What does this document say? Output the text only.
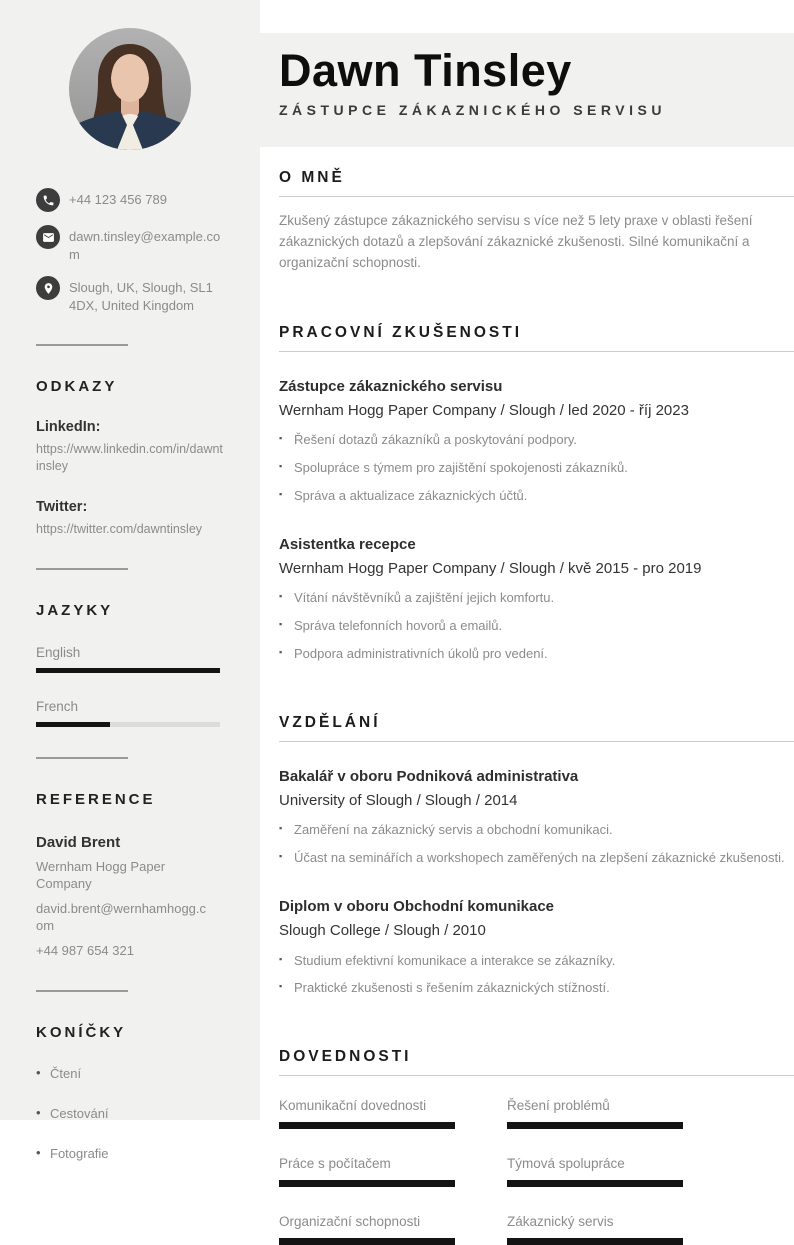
+44 123 456 789
dawn.tinsley@example.com
Slough, UK, Slough, SL1 4DX, United Kingdom
ODKAZY
LinkedIn:
https://www.linkedin.com/in/dawntinsley
Twitter:
https://twitter.com/dawntinsley
JAZYKY
English
French
REFERENCE
David Brent
Wernham Hogg Paper Company
david.brent@wernhamhogg.com
+44 987 654 321
KONÍČKY
• Čtení
• Cestování
• Fotografie
Dawn Tinsley
ZÁSTUPCE ZÁKAZNICKÉHO SERVISU
O MNĚ

Zkušený zástupce zákaznického servisu s více než 5 lety praxe v oblasti řešení zákaznických dotazů a zlepšování zákaznické zkušenosti. Silné komunikační a organizační schopnosti.

PRACOVNÍ ZKUŠENOSTI
Zástupce zákaznického servisu
Wernham Hogg Paper Company / Slough / led 2020 - říj 2023
▪ Řešení dotazů zákazníků a poskytování podpory.
▪ Spolupráce s týmem pro zajištění spokojenosti zákazníků.
▪ Správa a aktualizace zákaznických účtů.
Asistentka recepce
Wernham Hogg Paper Company / Slough / kvě 2015 - pro 2019
▪ Vítání návštěvníků a zajištění jejich komfortu.
▪ Správa telefonních hovorů a emailů.
▪ Podpora administrativních úkolů pro vedení.
VZDĚLÁNÍ
Bakalář v oboru Podniková administrativa
University of Slough / Slough / 2014
▪ Zaměření na zákaznický servis a obchodní komunikaci.
▪ Účast na seminářích a workshopech zaměřených na zlepšení zákaznické zkušenosti.
Diplom v oboru Obchodní komunikace
Slough College / Slough / 2010
▪ Studium efektivní komunikace a interakce se zákazníky.
▪ Praktické zkušenosti s řešením zákaznických stížností.
DOVEDNOSTI
Komunikační dovednosti	Řešení problémů
Práce s počítačem	Týmová spolupráce
Organizační schopnosti	Zákaznický servis
